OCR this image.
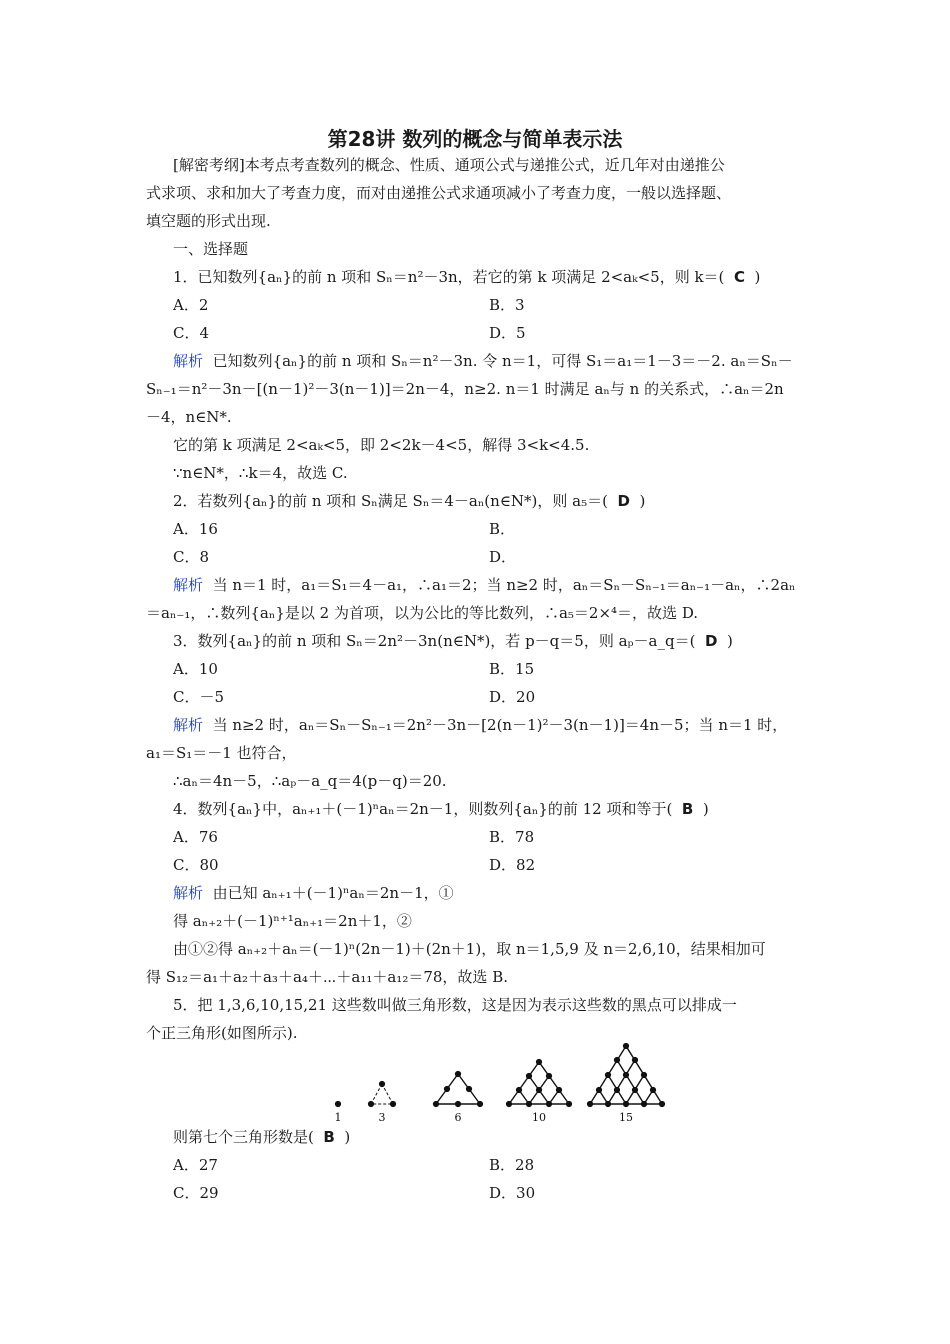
第28讲 数列的概念与简单表示法
[解密考纲]本考点考查数列的概念、性质、通项公式与递推公式，近几年对由递推公
式求项、求和加大了考查力度，而对由递推公式求通项减小了考查力度，一般以选择题、
填空题的形式出现.
一、选择题
1．已知数列{aₙ}的前 n 项和 Sₙ＝n²－3n，若它的第 k 项满足 2<aₖ<5，则 k＝( C )
A．2	B．3
C．4	D．5
解析 已知数列{aₙ}的前 n 项和 Sₙ＝n²－3n. 令 n＝1，可得 S₁＝a₁＝1－3＝－2. aₙ＝Sₙ－
Sₙ₋₁＝n²－3n－[(n－1)²－3(n－1)]＝2n－4，n≥2. n＝1 时满足 aₙ与 n 的关系式，∴aₙ＝2n
－4，n∈N*.
它的第 k 项满足 2<aₖ<5，即 2<2k－4<5，解得 3<k<4.5.
∵n∈N*，∴k＝4，故选 C.
2．若数列{aₙ}的前 n 项和 Sₙ满足 Sₙ＝4－aₙ(n∈N*)，则 a₅＝( D )
A．16	B．
C．8	D．
解析 当 n＝1 时，a₁＝S₁＝4－a₁，∴a₁＝2；当 n≥2 时，aₙ＝Sₙ－Sₙ₋₁＝aₙ₋₁－aₙ，∴2aₙ
＝aₙ₋₁，∴数列{aₙ}是以 2 为首项，以为公比的等比数列，∴a₅＝2×⁴＝，故选 D.
3．数列{aₙ}的前 n 项和 Sₙ＝2n²－3n(n∈N*)，若 p－q＝5，则 aₚ－a_q＝( D )
A．10	B．15
C．－5	D．20
解析 当 n≥2 时，aₙ＝Sₙ－Sₙ₋₁＝2n²－3n－[2(n－1)²－3(n－1)]＝4n－5；当 n＝1 时，
a₁＝S₁＝－1 也符合，
∴aₙ＝4n－5，∴aₚ－a_q＝4(p－q)＝20.
4．数列{aₙ}中，aₙ₊₁＋(－1)ⁿaₙ＝2n－1，则数列{aₙ}的前 12 项和等于( B )
A．76	B．78
C．80	D．82
解析 由已知 aₙ₊₁＋(－1)ⁿaₙ＝2n－1，①
得 aₙ₊₂＋(－1)ⁿ⁺¹aₙ₊₁＝2n＋1，②
由①②得 aₙ₊₂＋aₙ＝(－1)ⁿ(2n－1)＋(2n＋1)，取 n＝1,5,9 及 n＝2,6,10，结果相加可
得 S₁₂＝a₁＋a₂＋a₃＋a₄＋⋯＋a₁₁＋a₁₂＝78，故选 B.
5．把 1,3,6,10,15,21 这些数叫做三角形数，这是因为表示这些数的黑点可以排成一
个正三角形(如图所示).
1	3	6	10	15
则第七个三角形数是( B )
A．27	B．28
C．29	D．30
